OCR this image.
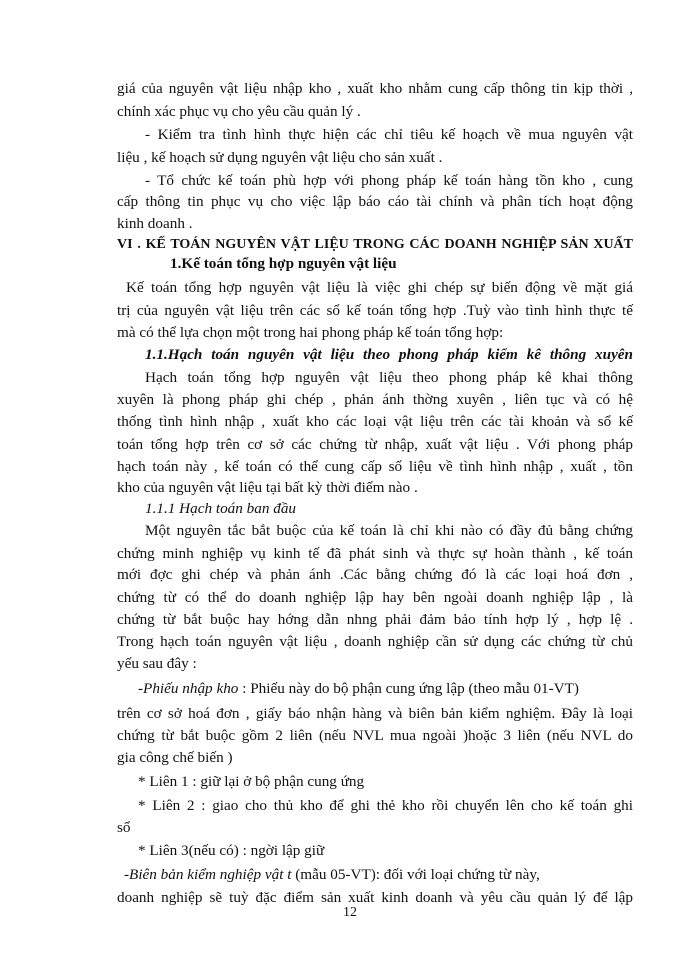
giá của nguyên vật liệu nhập kho , xuất kho nhằm cung cấp thông tin kịp thời ,
chính xác phục vụ cho yêu cầu quản lý .
- Kiểm tra tình hình thực hiện các chỉ tiêu kế hoạch về mua nguyên vật
liệu , kế hoạch sử dụng nguyên vật liệu cho sản xuất .
- Tổ chức kế toán phù hợp với phong pháp kế toán hàng tồn kho , cung
cấp thông tin phục vụ cho việc lập báo cáo tài chính và phân tích hoạt động
kinh doanh .
VI . KẾ TOÁN NGUYÊN VẬT LIỆU TRONG CÁC DOANH NGHIỆP SẢN XUẤT
1.Kế toán tổng hợp nguyên vật liệu
Kế toán tổng hợp nguyên vật liệu là việc ghi chép sự biến động về mặt giá
trị của nguyên vật liệu trên các sổ kế toán tổng hợp .Tuỳ vào tình hình thực tế
mà có thể lựa chọn một trong hai phong pháp kế toán tổng hợp:
1.1.Hạch toán nguyên vật liệu theo phong pháp kiểm kê thông xuyên
Hạch toán tổng hợp nguyên vật liệu theo phong pháp kê khai thông
xuyên là phong pháp ghi chép , phản ánh thờng xuyên , liên tục và có hệ
thống tình hình nhập , xuất kho các loại vật liệu trên các tài khoản và sổ kế
toán tổng hợp trên cơ sở các chứng từ nhập, xuất vật liệu . Với phong pháp
hạch toán này , kế toán có thể cung cấp số liệu về tình hình nhập , xuất , tồn
kho của nguyên vật liệu tại bất kỳ thời điểm nào .
1.1.1 Hạch toán ban đầu
Một nguyên tắc bắt buộc của kế toán là chỉ khi nào có đầy đủ bằng chứng
chứng minh nghiệp vụ kinh tế đã phát sinh và thực sự hoàn thành , kế toán
mới đợc ghi chép và phản ánh .Các bằng chứng đó là các loại hoá đơn ,
chứng từ có thể do doanh nghiệp lập hay bên ngoài doanh nghiệp lập , là
chứng từ bắt buộc hay hớng dẫn nhng phải đảm bảo tính hợp lý , hợp lệ .
Trong hạch toán nguyên vật liệu , doanh nghiệp cần sử dụng các chứng từ chủ
yếu sau đây :
-Phiếu nhập kho : Phiếu này do bộ phận cung ứng lập (theo mẫu 01-VT)
trên cơ sở hoá đơn , giấy báo nhận hàng và biên bản kiểm nghiệm. Đây là loại
chứng từ bắt buộc gồm 2 liên (nếu NVL mua ngoài )hoặc 3 liên (nếu NVL do
gia công chế biến )
* Liên 1 : giữ lại ở bộ phận cung ứng
* Liên 2 : giao cho thủ kho để ghi thẻ kho rồi chuyển lên cho kế toán ghi
sổ
* Liên 3(nếu có) : ngời lập giữ
-Biên bản kiểm nghiệp vật t (mẫu 05-VT): đối với loại chứng từ này,
doanh nghiệp sẽ tuỳ đặc điểm sản xuất kinh doanh và yêu cầu quản lý để lập
12
